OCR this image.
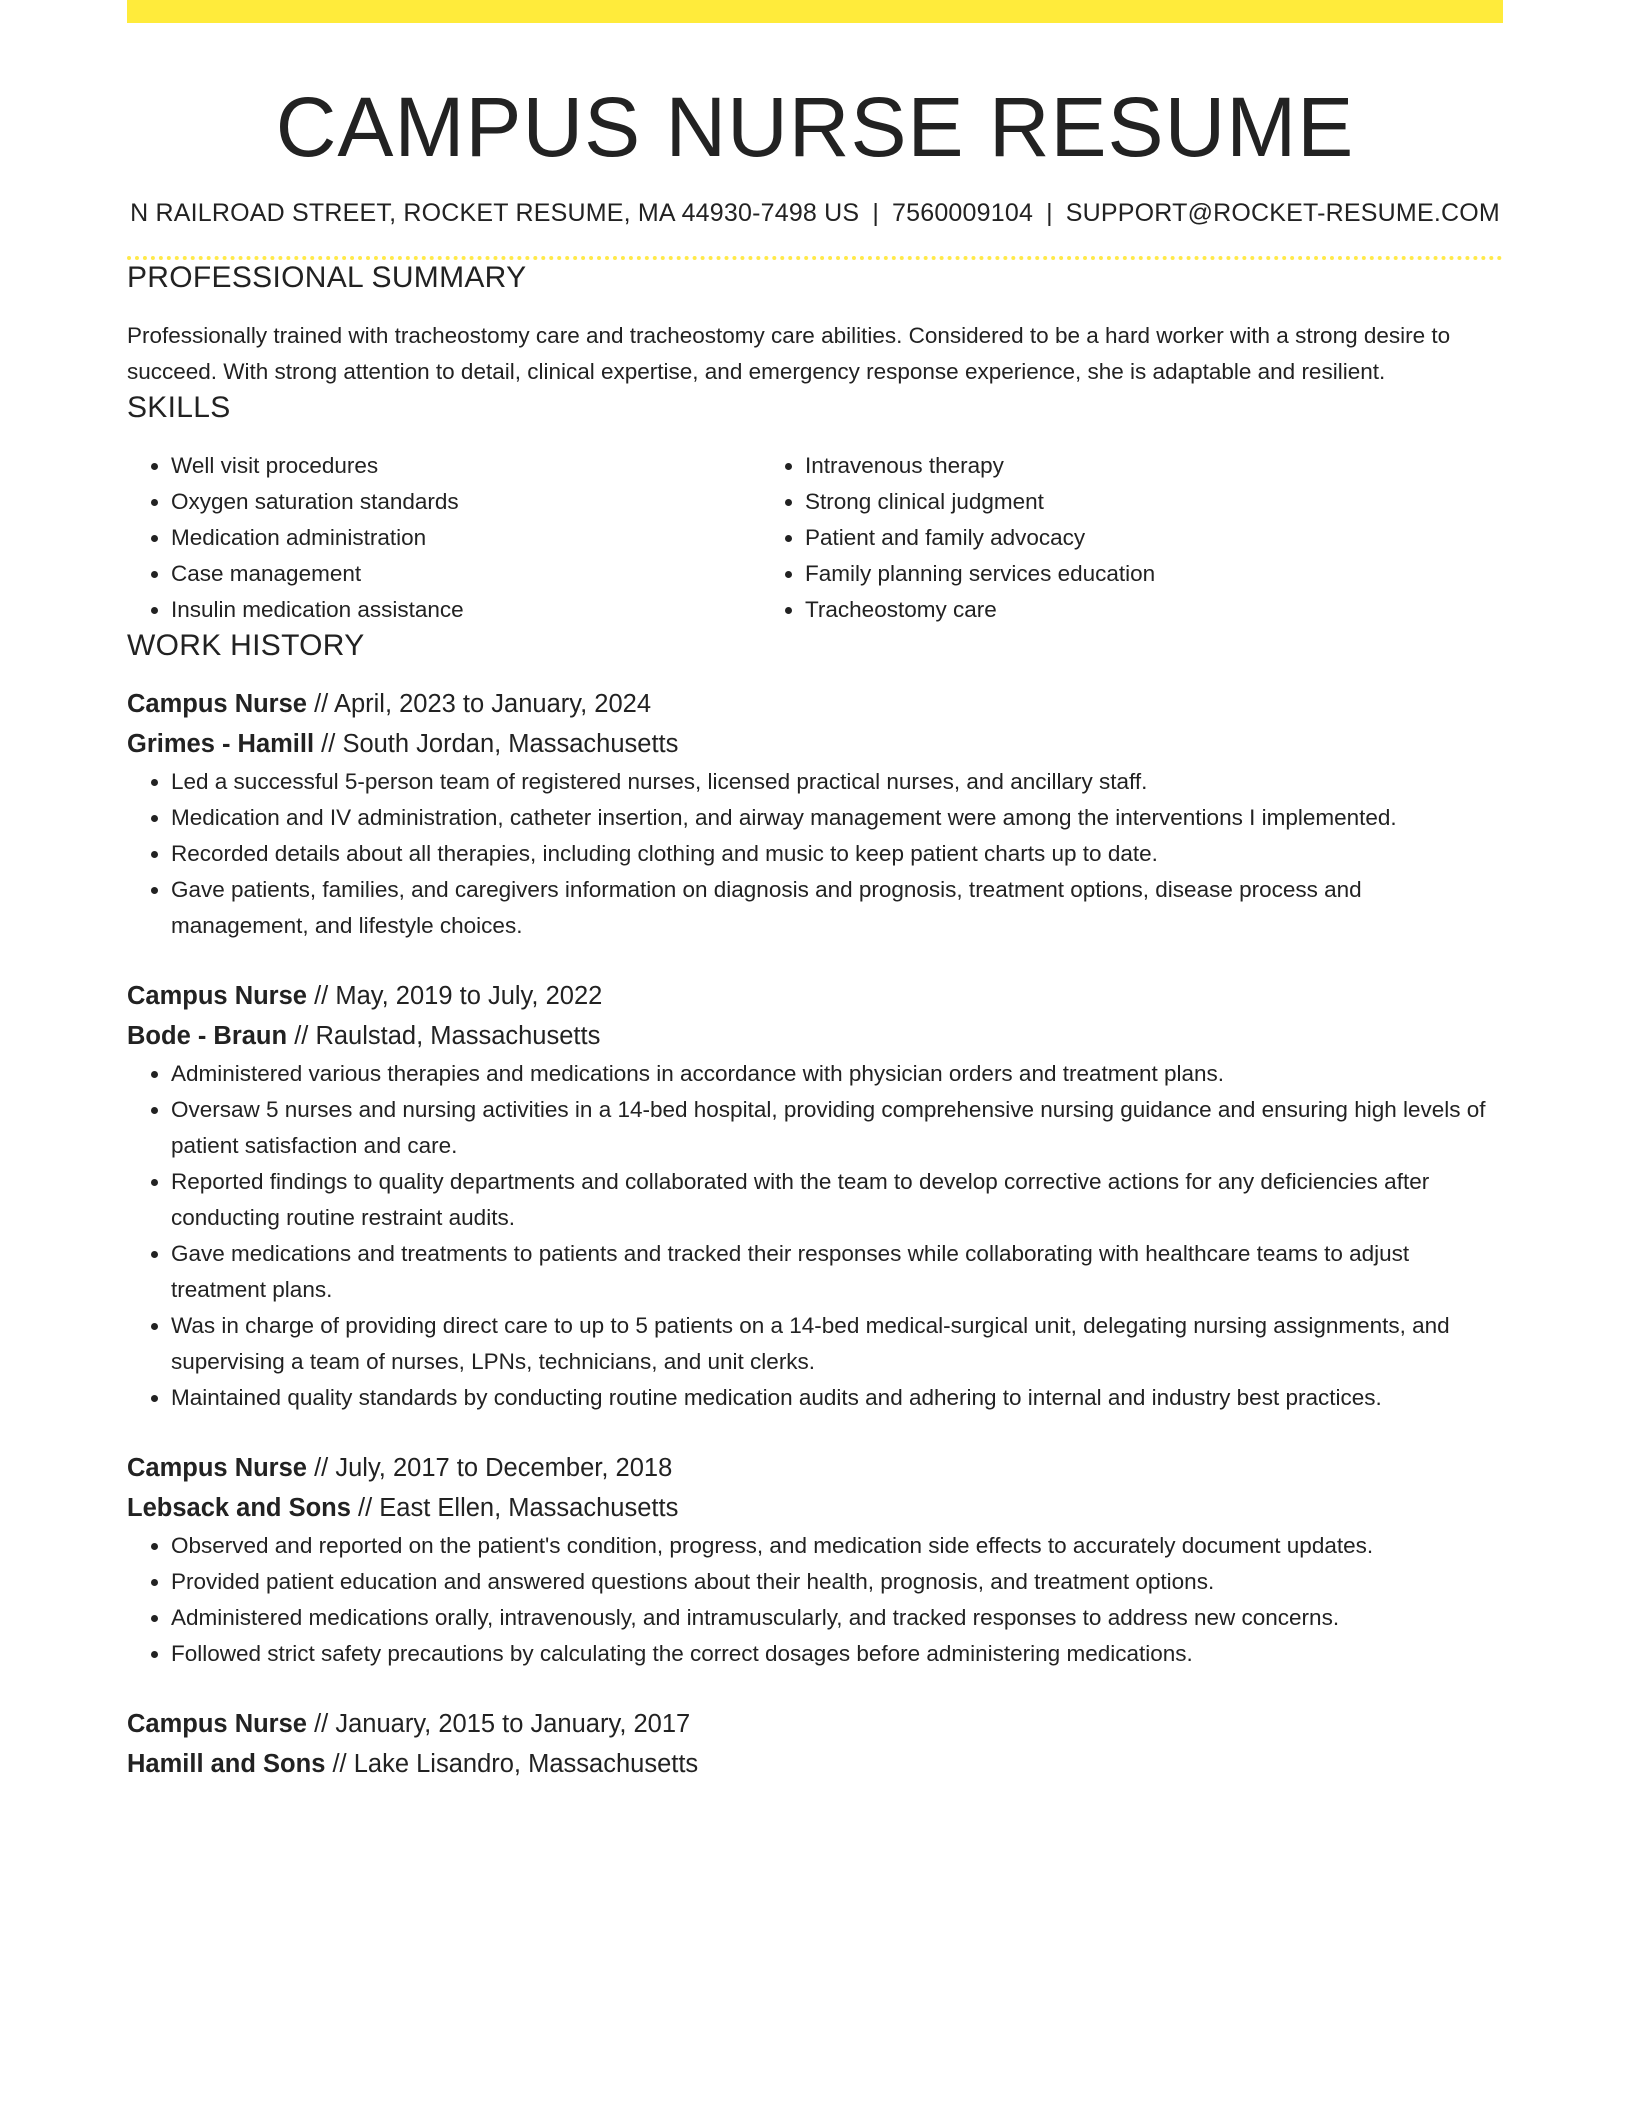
CAMPUS NURSE RESUME
N RAILROAD STREET, ROCKET RESUME, MA 44930-7498 US | 7560009104 | SUPPORT@ROCKET-RESUME.COM
PROFESSIONAL SUMMARY

Professionally trained with tracheostomy care and tracheostomy care abilities. Considered to be a hard worker with a strong desire to succeed. With strong attention to detail, clinical expertise, and emergency response experience, she is adaptable and resilient.

SKILLS
• Well visit procedures
• Oxygen saturation standards
• Medication administration
• Case management
• Insulin medication assistance
• Intravenous therapy
• Strong clinical judgment
• Patient and family advocacy
• Family planning services education
• Tracheostomy care
WORK HISTORY
Campus Nurse // April, 2023 to January, 2024
Grimes - Hamill // South Jordan, Massachusetts
• Led a successful 5-person team of registered nurses, licensed practical nurses, and ancillary staff.
• Medication and IV administration, catheter insertion, and airway management were among the interventions I implemented.
• Recorded details about all therapies, including clothing and music to keep patient charts up to date.
• Gave patients, families, and caregivers information on diagnosis and prognosis, treatment options, disease process and management, and lifestyle choices.
Campus Nurse // May, 2019 to July, 2022
Bode - Braun // Raulstad, Massachusetts
• Administered various therapies and medications in accordance with physician orders and treatment plans.
• Oversaw 5 nurses and nursing activities in a 14-bed hospital, providing comprehensive nursing guidance and ensuring high levels of patient satisfaction and care.
• Reported findings to quality departments and collaborated with the team to develop corrective actions for any deficiencies after conducting routine restraint audits.
• Gave medications and treatments to patients and tracked their responses while collaborating with healthcare teams to adjust treatment plans.
• Was in charge of providing direct care to up to 5 patients on a 14-bed medical-surgical unit, delegating nursing assignments, and supervising a team of nurses, LPNs, technicians, and unit clerks.
• Maintained quality standards by conducting routine medication audits and adhering to internal and industry best practices.
Campus Nurse // July, 2017 to December, 2018
Lebsack and Sons // East Ellen, Massachusetts
• Observed and reported on the patient's condition, progress, and medication side effects to accurately document updates.
• Provided patient education and answered questions about their health, prognosis, and treatment options.
• Administered medications orally, intravenously, and intramuscularly, and tracked responses to address new concerns.
• Followed strict safety precautions by calculating the correct dosages before administering medications.
Campus Nurse // January, 2015 to January, 2017
Hamill and Sons // Lake Lisandro, Massachusetts
